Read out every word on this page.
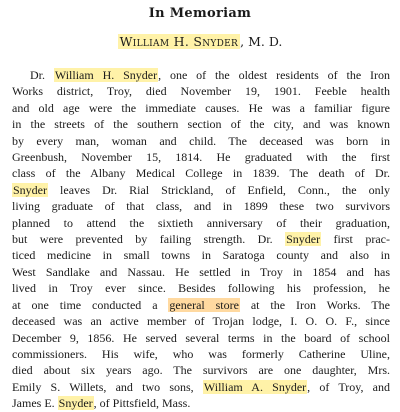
In Memoriam
William H. Snyder , M. D.
Dr. William H. Snyder, one of the oldest residents of the Iron
Works district, Troy, died November 19, 1901. Feeble health
and old age were the immediate causes. He was a familiar figure
in the streets of the southern section of the city, and was known
by every man, woman and child. The deceased was born in
Greenbush, November 15, 1814. He graduated with the first
class of the Albany Medical College in 1839. The death of Dr.
Snyder leaves Dr. Rial Strickland, of Enfield, Conn., the only
living graduate of that class, and in 1899 these two survivors
planned to attend the sixtieth anniversary of their graduation,
but were prevented by failing strength. Dr. Snyder first prac-
ticed medicine in small towns in Saratoga county and also in
West Sandlake and Nassau. He settled in Troy in 1854 and has
lived in Troy ever since. Besides following his profession, he
at one time conducted a general store at the Iron Works. The
deceased was an active member of Trojan lodge, I. O. O. F., since
December 9, 1856. He served several terms in the board of school
commissioners. His wife, who was formerly Catherine Uline,
died about six years ago. The survivors are one daughter, Mrs.
Emily S. Willets, and two sons, William A. Snyder, of Troy, and
James E. Snyder, of Pittsfield, Mass.
